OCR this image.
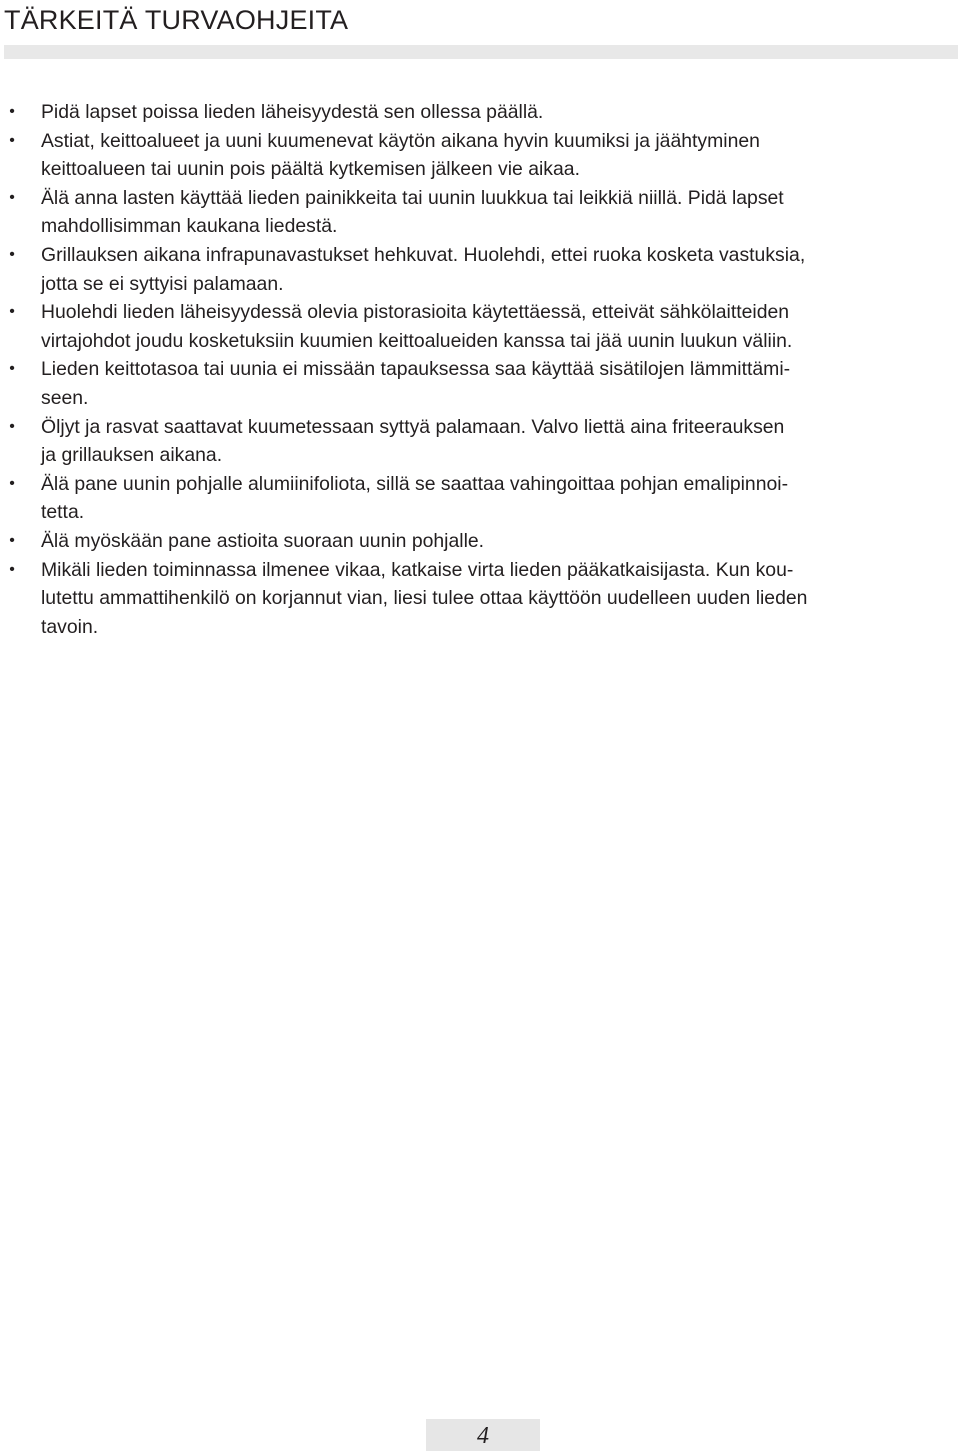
TÄRKEITÄ TURVAOHJEITA
• Pidä lapset poissa lieden läheisyydestä sen ollessa päällä.
• Astiat, keittoalueet ja uuni kuumenevat käytön aikana hyvin kuumiksi ja jäähtyminen
keittoalueen tai uunin pois päältä kytkemisen jälkeen vie aikaa.
• Älä anna lasten käyttää lieden painikkeita tai uunin luukkua tai leikkiä niillä. Pidä lapset
mahdollisimman kaukana liedestä.
• Grillauksen aikana infrapunavastukset hehkuvat. Huolehdi, ettei ruoka kosketa vastuksia,
jotta se ei syttyisi palamaan.
• Huolehdi lieden läheisyydessä olevia pistorasioita käytettäessä, etteivät sähkölaitteiden
virtajohdot joudu kosketuksiin kuumien keittoalueiden kanssa tai jää uunin luukun väliin.
• Lieden keittotasoa tai uunia ei missään tapauksessa saa käyttää sisätilojen lämmittämi-
seen.
• Öljyt ja rasvat saattavat kuumetessaan syttyä palamaan. Valvo liettä aina friteerauksen
ja grillauksen aikana.
• Älä pane uunin pohjalle alumiinifoliota, sillä se saattaa vahingoittaa pohjan emalipinnoi-
tetta.
• Älä myöskään pane astioita suoraan uunin pohjalle.
• Mikäli lieden toiminnassa ilmenee vikaa, katkaise virta lieden pääkatkaisijasta. Kun kou-
lutettu ammattihenkilö on korjannut vian, liesi tulee ottaa käyttöön uudelleen uuden lieden
tavoin.
4
